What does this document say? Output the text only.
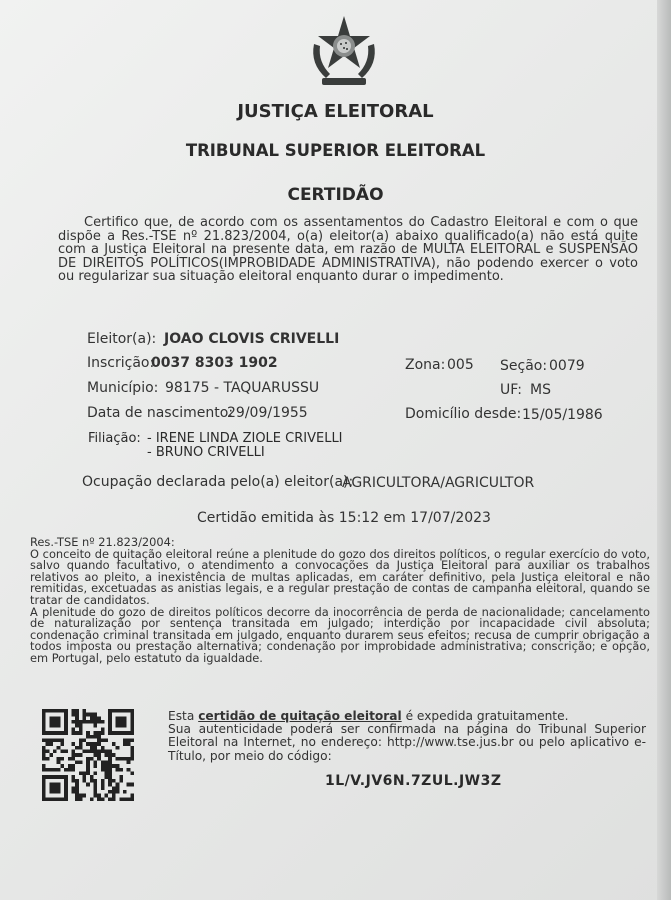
JUSTIÇA ELEITORAL
TRIBUNAL SUPERIOR ELEITORAL
CERTIDÃO

Certifico que, de acordo com os assentamentos do Cadastro Eleitoral e com o que dispõe a Res.-TSE nº 21.823/2004, o(a) eleitor(a) abaixo qualificado(a) não está quite com a Justiça Eleitoral na presente data, em razão de MULTA ELEITORAL e SUSPENSÃO DE DIREITOS POLÍTICOS(IMPROBIDADE ADMINISTRATIVA), não podendo exercer o voto ou regularizar sua situação eleitoral enquanto durar o impedimento.

Eleitor(a): JOAO CLOVIS CRIVELLI
Inscrição:
0037 8303 1902	Zona: 005 Seção: 0079
Município: 98175 - TAQUARUSSU	UF: MS
Data de nascimento:
29/09/1955	Domicílio desde: 15/05/1986
Filiação: - IRENE LINDA ZIOLE CRIVELLI
- BRUNO CRIVELLI
Ocupação declarada pelo(a) eleitor(a):
AGRICULTORA/AGRICULTOR
Certidão emitida às 15:12 em 17/07/2023

Res.-TSE nº 21.823/2004:

O conceito de quitação eleitoral reúne a plenitude do gozo dos direitos políticos, o regular exercício do voto, salvo quando facultativo, o atendimento a convocações da Justiça Eleitoral para auxiliar os trabalhos relativos ao pleito, a inexistência de multas aplicadas, em caráter definitivo, pela Justiça eleitoral e não remitidas, excetuadas as anistias legais, e a regular prestação de contas de campanha eleitoral, quando se tratar de candidatos.

A plenitude do gozo de direitos políticos decorre da inocorrência de perda de nacionalidade; cancelamento de naturalização por sentença transitada em julgado; interdição por incapacidade civil absoluta; condenação criminal transitada em julgado, enquanto durarem seus efeitos; recusa de cumprir obrigação a todos imposta ou prestação alternativa; condenação por improbidade administrativa; conscrição; e opção, em Portugal, pelo estatuto da igualdade.

Esta certidão de quitação eleitoral é expedida gratuitamente.

Sua autenticidade poderá ser confirmada na página do Tribunal Superior Eleitoral na Internet, no endereço: http://www.tse.jus.br ou pelo aplicativo e-Título, por meio do código:

1L/V.JV6N.7ZUL.JW3Z
